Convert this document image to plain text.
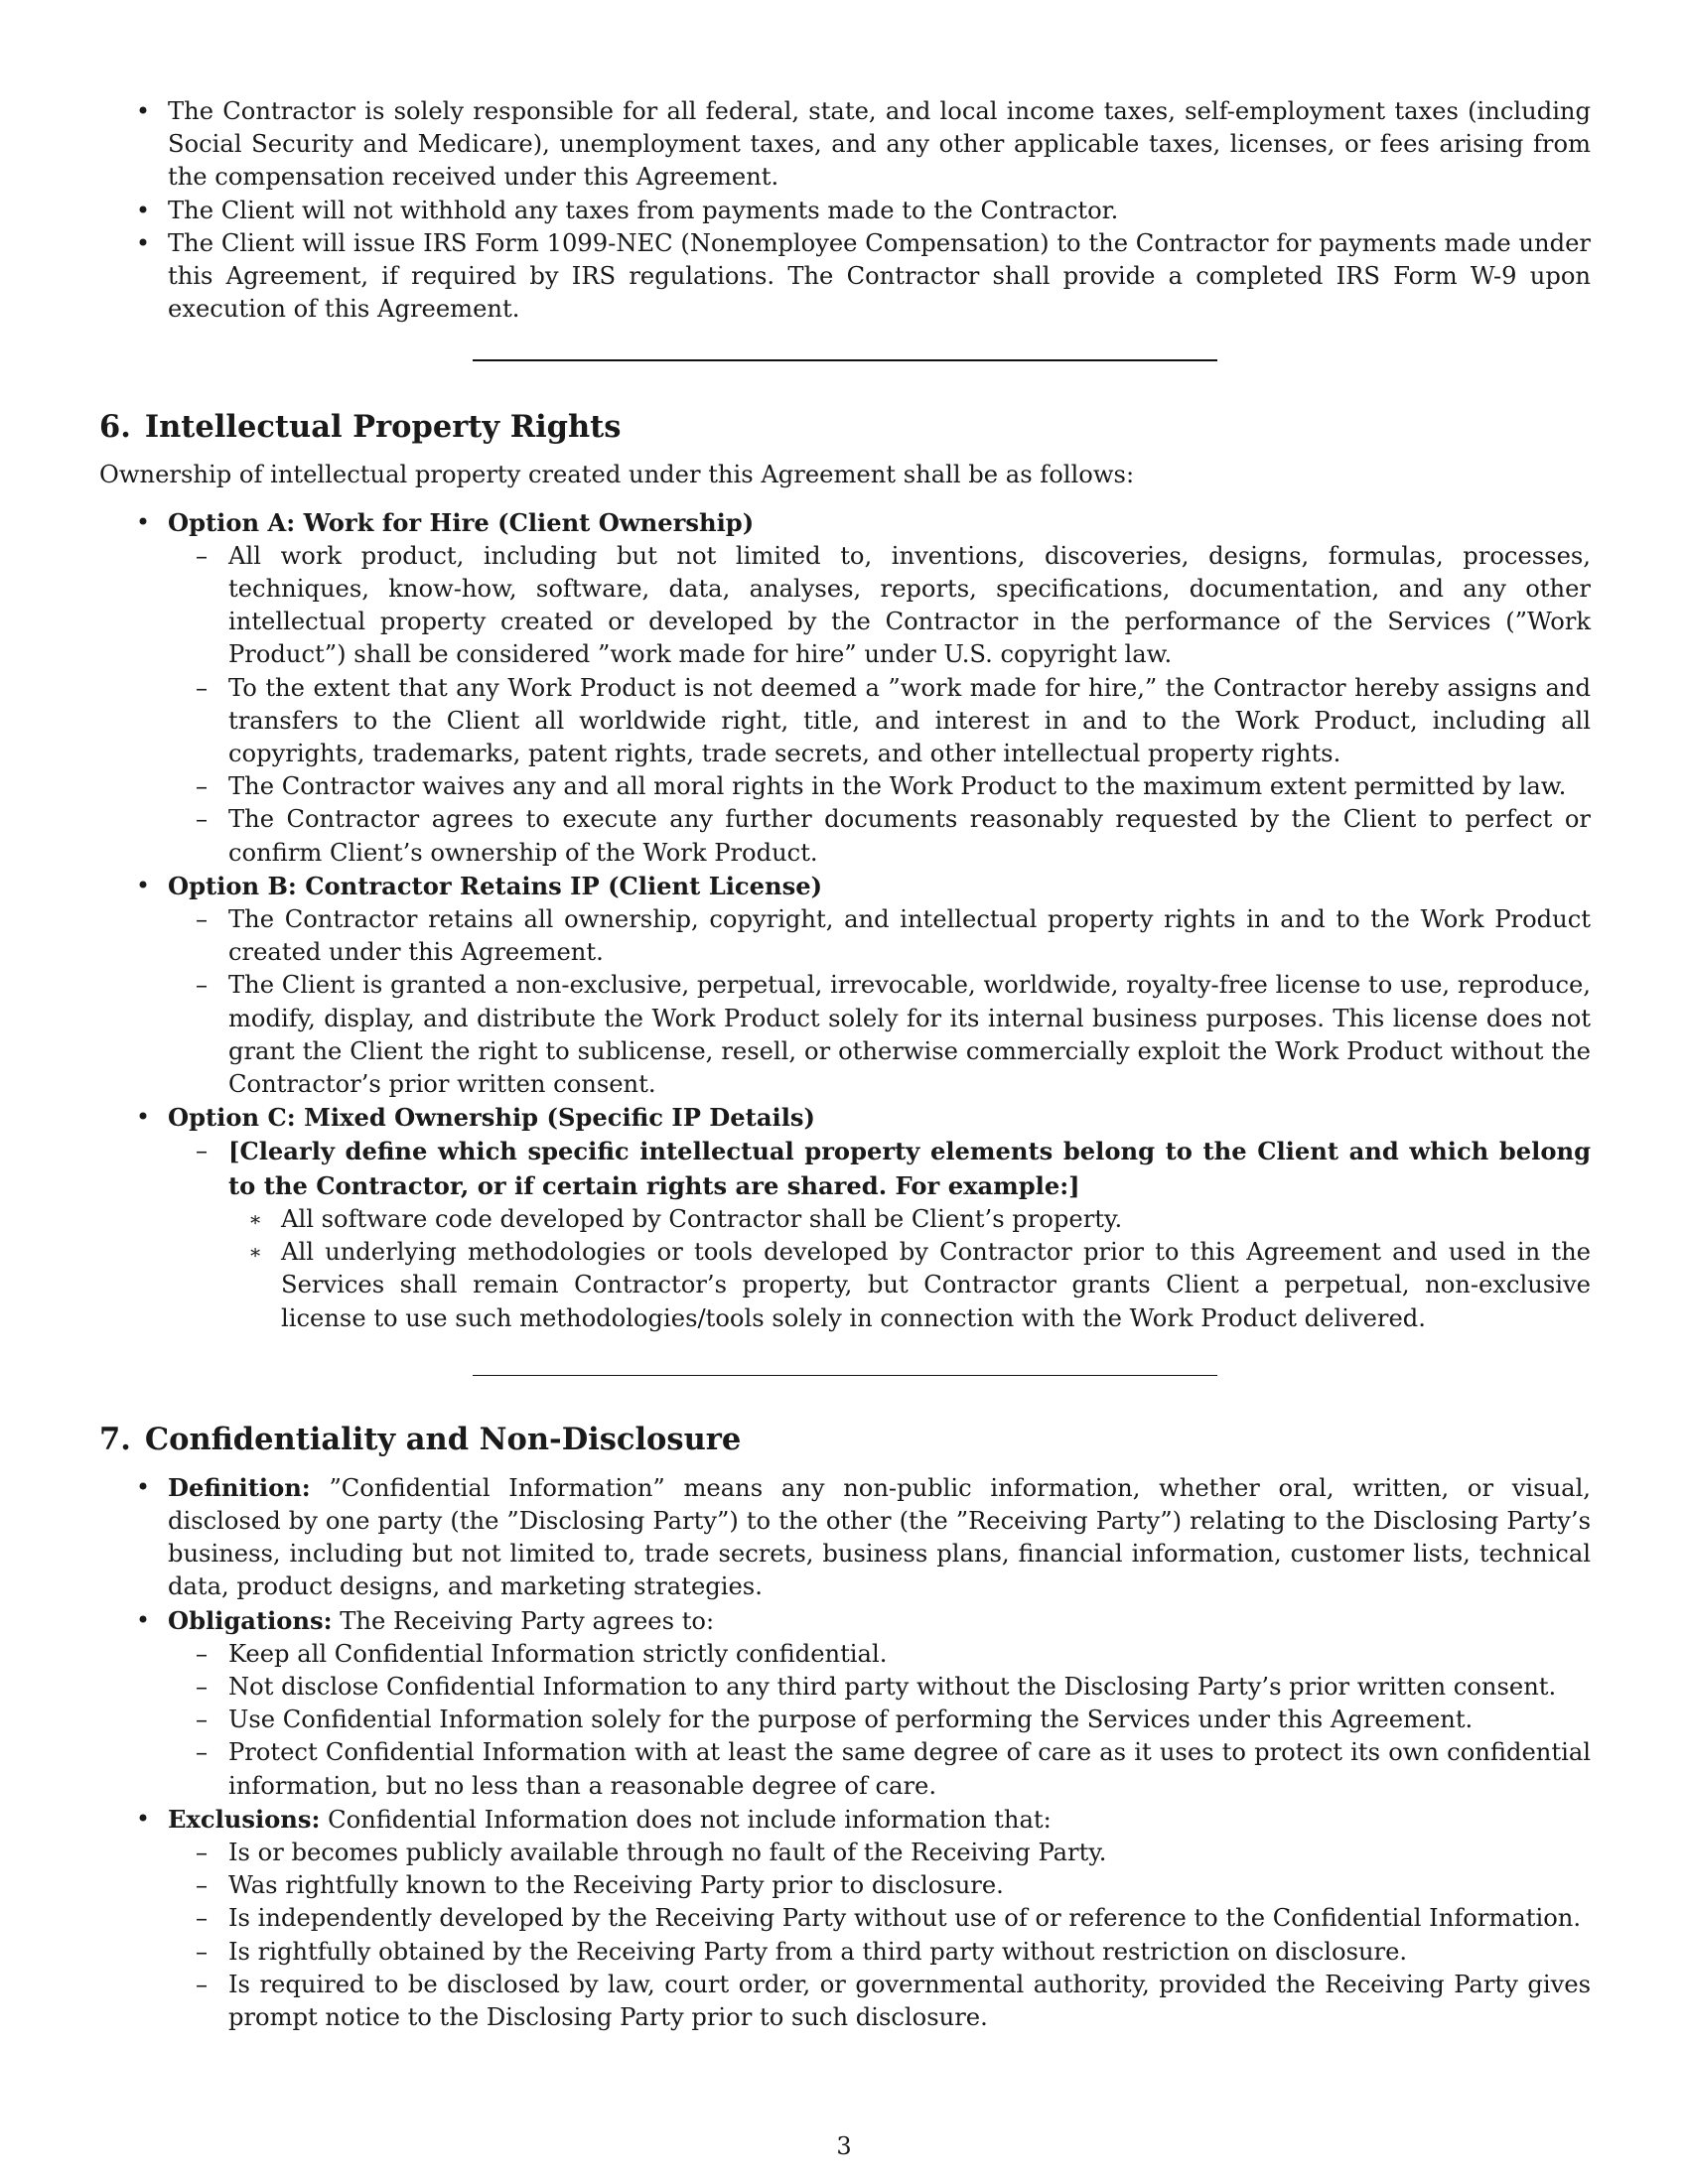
• The Contractor is solely responsible for all federal, state, and local income taxes, self-employment taxes (including Social Security and Medicare), unemployment taxes, and any other applicable taxes, licenses, or fees arising from the compensation received under this Agreement.
• The Client will not withhold any taxes from payments made to the Contractor.
• The Client will issue IRS Form 1099-NEC (Nonemployee Compensation) to the Contractor for payments made under this Agreement, if required by IRS regulations. The Contractor shall provide a completed IRS Form W-9 upon execution of this Agreement.
6. Intellectual Property Rights

Ownership of intellectual property created under this Agreement shall be as follows:

• Option A: Work for Hire (Client Ownership)
– All work product, including but not limited to, inventions, discoveries, designs, formulas, processes, techniques, know-how, software, data, analyses, reports, specifications, documentation, and any other intellectual property created or developed by the Contractor in the performance of the Services (”Work Product”) shall be considered ”work made for hire” under U.S. copyright law.
– To the extent that any Work Product is not deemed a ”work made for hire,” the Contractor hereby assigns and transfers to the Client all worldwide right, title, and interest in and to the Work Product, including all copyrights, trademarks, patent rights, trade secrets, and other intellectual property rights.
– The Contractor waives any and all moral rights in the Work Product to the maximum extent permitted by law.
– The Contractor agrees to execute any further documents reasonably requested by the Client to perfect or confirm Client’s ownership of the Work Product.
• Option B: Contractor Retains IP (Client License)
– The Contractor retains all ownership, copyright, and intellectual property rights in and to the Work Product created under this Agreement.
– The Client is granted a non-exclusive, perpetual, irrevocable, worldwide, royalty-free license to use, reproduce, modify, display, and distribute the Work Product solely for its internal business purposes. This license does not grant the Client the right to sublicense, resell, or otherwise commercially exploit the Work Product without the Contractor’s prior written consent.
• Option C: Mixed Ownership (Specific IP Details)
– [Clearly define which specific intellectual property elements belong to the Client and which belong to the Contractor, or if certain rights are shared. For example:]
∗ All software code developed by Contractor shall be Client’s property.
∗ All underlying methodologies or tools developed by Contractor prior to this Agreement and used in the Services shall remain Contractor’s property, but Contractor grants Client a perpetual, non-exclusive license to use such methodologies/tools solely in connection with the Work Product delivered.
7. Confidentiality and Non-Disclosure
• Definition: ”Confidential Information” means any non-public information, whether oral, written, or visual, disclosed by one party (the ”Disclosing Party”) to the other (the ”Receiving Party”) relating to the Disclosing Party’s business, including but not limited to, trade secrets, business plans, financial information, customer lists, technical data, product designs, and marketing strategies.
• Obligations: The Receiving Party agrees to:
– Keep all Confidential Information strictly confidential.
– Not disclose Confidential Information to any third party without the Disclosing Party’s prior written consent.
– Use Confidential Information solely for the purpose of performing the Services under this Agreement.
– Protect Confidential Information with at least the same degree of care as it uses to protect its own confidential information, but no less than a reasonable degree of care.
• Exclusions: Confidential Information does not include information that:
– Is or becomes publicly available through no fault of the Receiving Party.
– Was rightfully known to the Receiving Party prior to disclosure.
– Is independently developed by the Receiving Party without use of or reference to the Confidential Information.
– Is rightfully obtained by the Receiving Party from a third party without restriction on disclosure.
– Is required to be disclosed by law, court order, or governmental authority, provided the Receiving Party gives prompt notice to the Disclosing Party prior to such disclosure.
3
